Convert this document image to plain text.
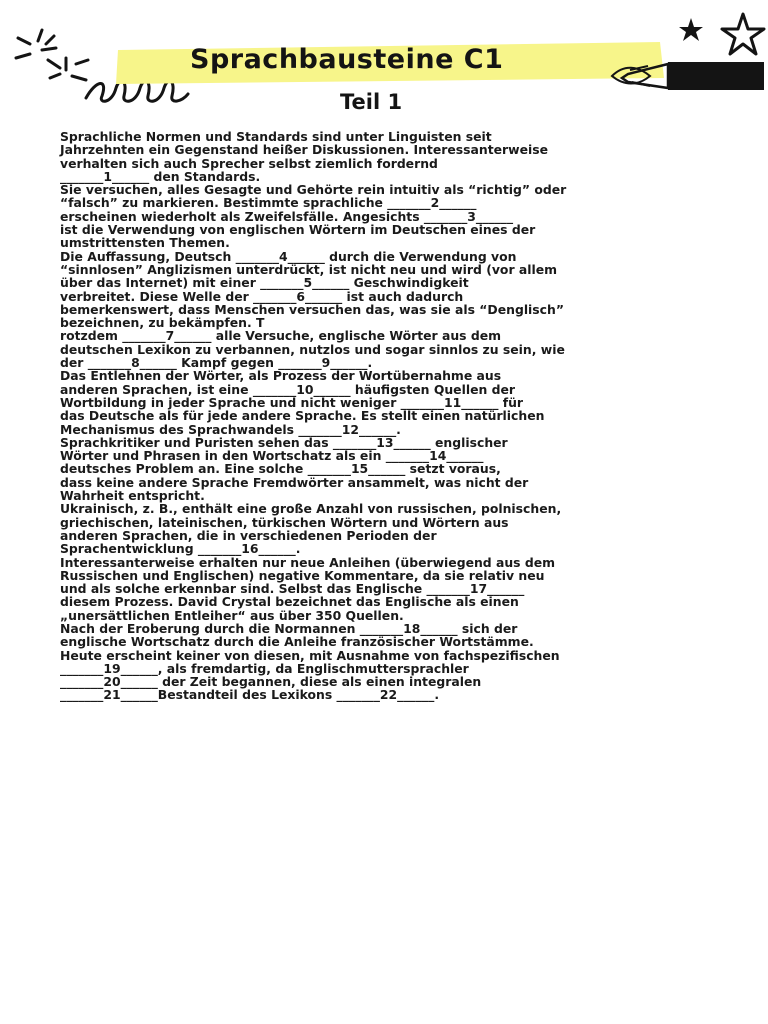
Sprachbausteine C1
Teil 1
Sprachliche Normen und Standards sind unter Linguisten seit
Jahrzehnten ein Gegenstand heißer Diskussionen. Interessanterweise
verhalten sich auch Sprecher selbst ziemlich fordernd
_______1______ den Standards.
Sie versuchen, alles Gesagte und Gehörte rein intuitiv als “richtig” oder
“falsch” zu markieren. Bestimmte sprachliche _______2______
erscheinen wiederholt als Zweifelsfälle. Angesichts _______3______
ist die Verwendung von englischen Wörtern im Deutschen eines der
umstrittensten Themen.
Die Auffassung, Deutsch _______4______ durch die Verwendung von
“sinnlosen” Anglizismen unterdrückt, ist nicht neu und wird (vor allem
über das Internet) mit einer _______5______ Geschwindigkeit
verbreitet. Diese Welle der _______6______ ist auch dadurch
bemerkenswert, dass Menschen versuchen das, was sie als “Denglisch”
bezeichnen, zu bekämpfen. T
rotzdem _______7______ alle Versuche, englische Wörter aus dem
deutschen Lexikon zu verbannen, nutzlos und sogar sinnlos zu sein, wie
der _______8______ Kampf gegen _______9______.
Das Entlehnen der Wörter, als Prozess der Wortübernahme aus
anderen Sprachen, ist eine _______10______ häufigsten Quellen der
Wortbildung in jeder Sprache und nicht weniger _______11______ für
das Deutsche als für jede andere Sprache. Es stellt einen natürlichen
Mechanismus des Sprachwandels _______12______.
Sprachkritiker und Puristen sehen das _______13______ englischer
Wörter und Phrasen in den Wortschatz als ein _______14______
deutsches Problem an. Eine solche _______15______ setzt voraus,
dass keine andere Sprache Fremdwörter ansammelt, was nicht der
Wahrheit entspricht.
Ukrainisch, z. B., enthält eine große Anzahl von russischen, polnischen,
griechischen, lateinischen, türkischen Wörtern und Wörtern aus
anderen Sprachen, die in verschiedenen Perioden der
Sprachentwicklung _______16______.
Interessanterweise erhalten nur neue Anleihen (überwiegend aus dem
Russischen und Englischen) negative Kommentare, da sie relativ neu
und als solche erkennbar sind. Selbst das Englische _______17______
diesem Prozess. David Crystal bezeichnet das Englische als einen
„unersättlichen Entleiher“ aus über 350 Quellen.
Nach der Eroberung durch die Normannen _______18______ sich der
englische Wortschatz durch die Anleihe französischer Wortstämme.
Heute erscheint keiner von diesen, mit Ausnahme von fachspezifischen
_______19______, als fremdartig, da Englischmuttersprachler
_______20______ der Zeit begannen, diese als einen integralen
_______21______Bestandteil des Lexikons _______22______.
